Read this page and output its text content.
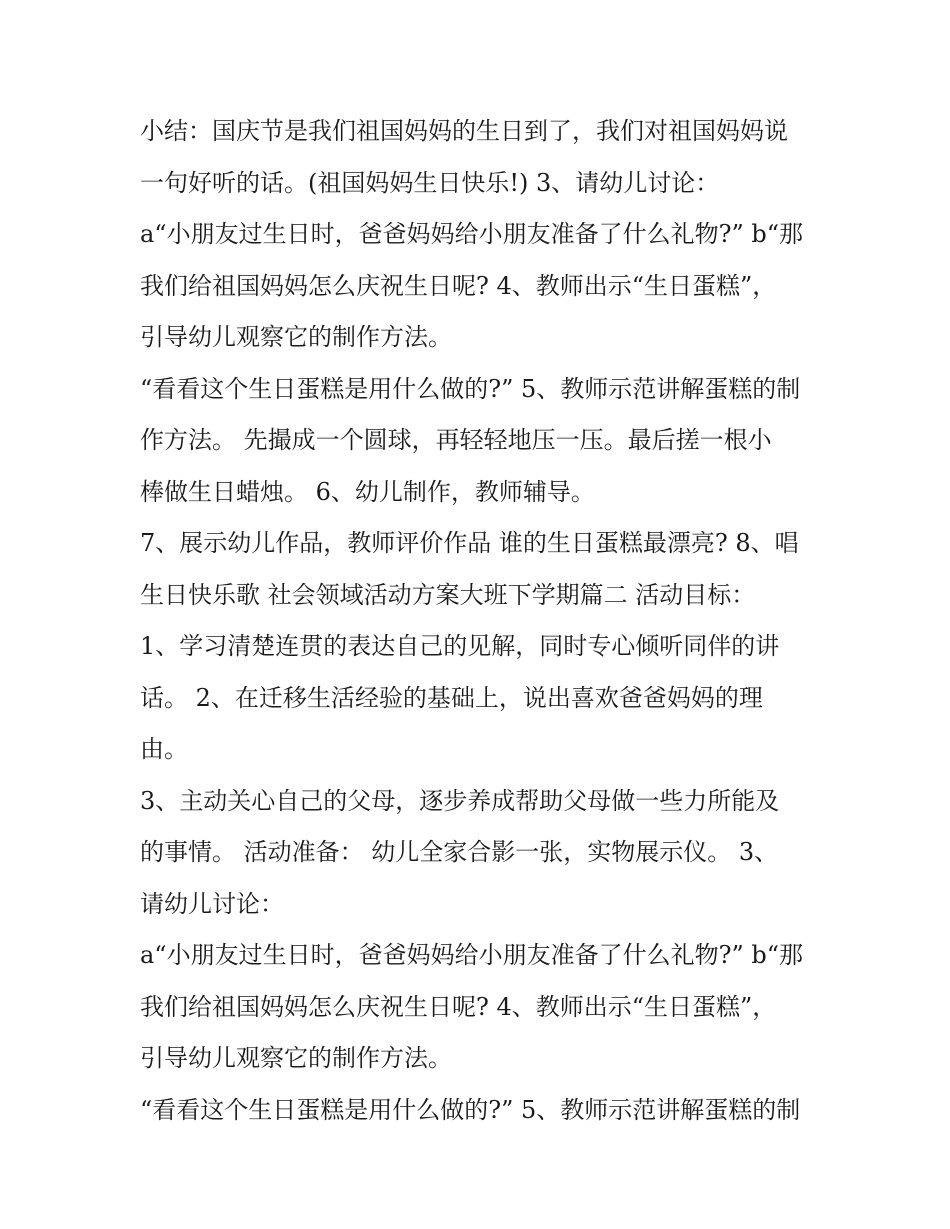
小结：国庆节是我们祖国妈妈的生日到了，我们对祖国妈妈说
一句好听的话。(祖国妈妈生日快乐!) 3、请幼儿讨论：
a“小朋友过生日时，爸爸妈妈给小朋友准备了什么礼物?” b“那
我们给祖国妈妈怎么庆祝生日呢? 4、教师出示“生日蛋糕”，
引导幼儿观察它的制作方法。
“看看这个生日蛋糕是用什么做的?” 5、教师示范讲解蛋糕的制
作方法。 先撮成一个圆球，再轻轻地压一压。最后搓一根小
棒做生日蜡烛。 6、幼儿制作，教师辅导。
7、展示幼儿作品，教师评价作品 谁的生日蛋糕最漂亮? 8、唱
生日快乐歌 社会领域活动方案大班下学期篇二 活动目标：
1、学习清楚连贯的表达自己的见解，同时专心倾听同伴的讲
话。 2、在迁移生活经验的基础上，说出喜欢爸爸妈妈的理
由。
3、主动关心自己的父母，逐步养成帮助父母做一些力所能及
的事情。 活动准备： 幼儿全家合影一张，实物展示仪。 3、
请幼儿讨论：
a“小朋友过生日时，爸爸妈妈给小朋友准备了什么礼物?” b“那
我们给祖国妈妈怎么庆祝生日呢? 4、教师出示“生日蛋糕”，
引导幼儿观察它的制作方法。
“看看这个生日蛋糕是用什么做的?” 5、教师示范讲解蛋糕的制
